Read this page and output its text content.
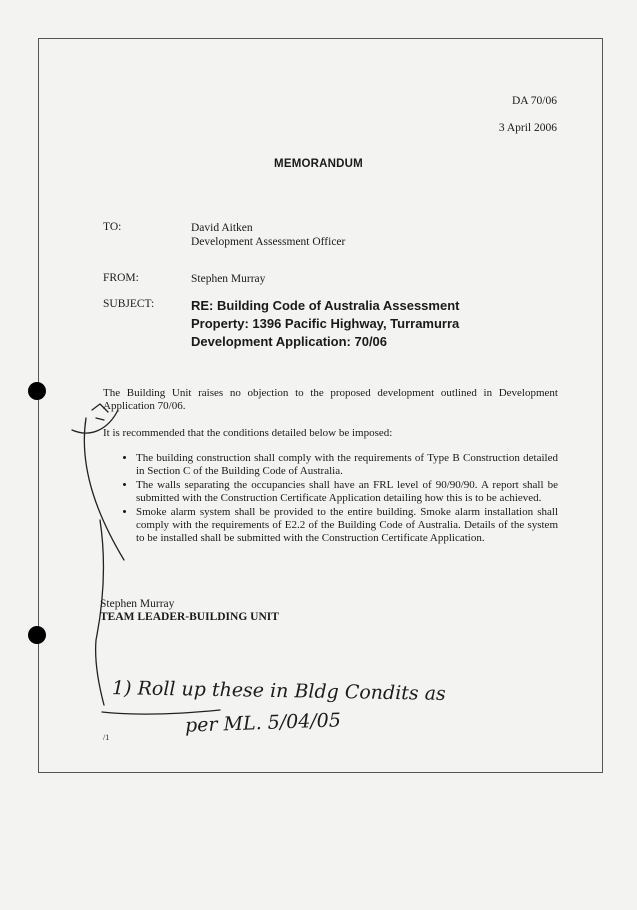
DA 70/06
3 April 2006
MEMORANDUM
TO:	David Aitken
Development Assessment Officer
FROM:	Stephen Murray
SUBJECT:	RE: Building Code of Australia Assessment
Property: 1396 Pacific Highway, Turramurra
Development Application: 70/06
The Building Unit raises no objection to the proposed development outlined in Development Application 70/06.
It is recommended that the conditions detailed below be imposed:
• The building construction shall comply with the requirements of Type B Construction detailed in Section C of the Building Code of Australia.
• The walls separating the occupancies shall have an FRL level of 90/90/90. A report shall be submitted with the Construction Certificate Application detailing how this is to be achieved.
• Smoke alarm system shall be provided to the entire building. Smoke alarm installation shall comply with the requirements of E2.2 of the Building Code of Australia. Details of the system to be installed shall be submitted with the Construction Certificate Application.
Stephen Murray
TEAM LEADER-BUILDING UNIT
/1
1) Roll up these in Bldg Condits as
per ML. 5/04/05
